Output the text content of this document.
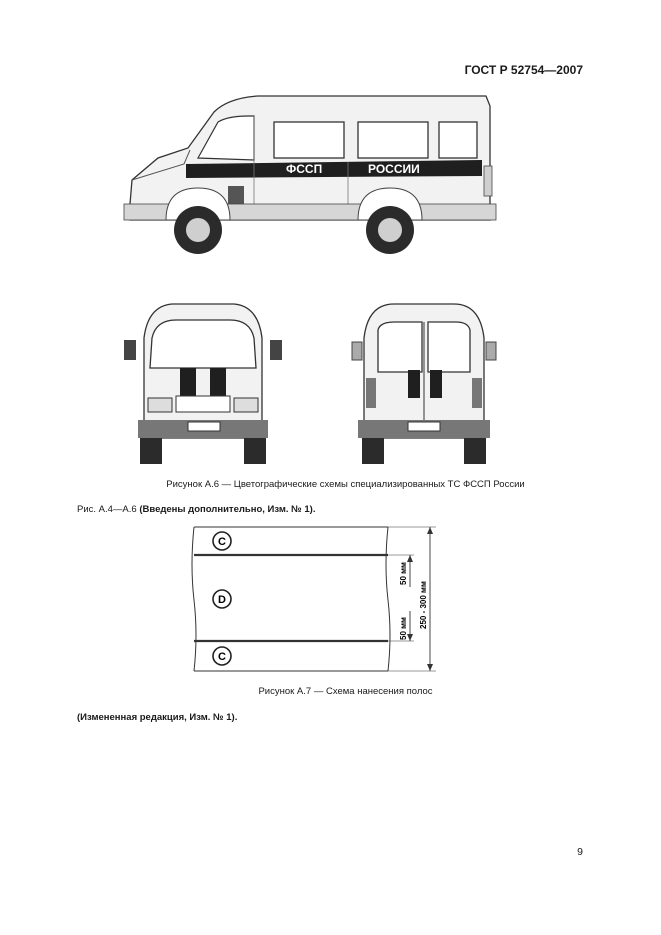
ГОСТ Р 52754—2007
ФССП	РОССИИ
Рисунок А.6 — Цветографические схемы специализированных ТС ФССП России
Рис. А.4—А.6 (Введены дополнительно, Изм. № 1).
C
D
C
50 мм
50 мм 250 - 300 мм
Рисунок А.7 — Схема нанесения полос
(Измененная редакция, Изм. № 1).
9
